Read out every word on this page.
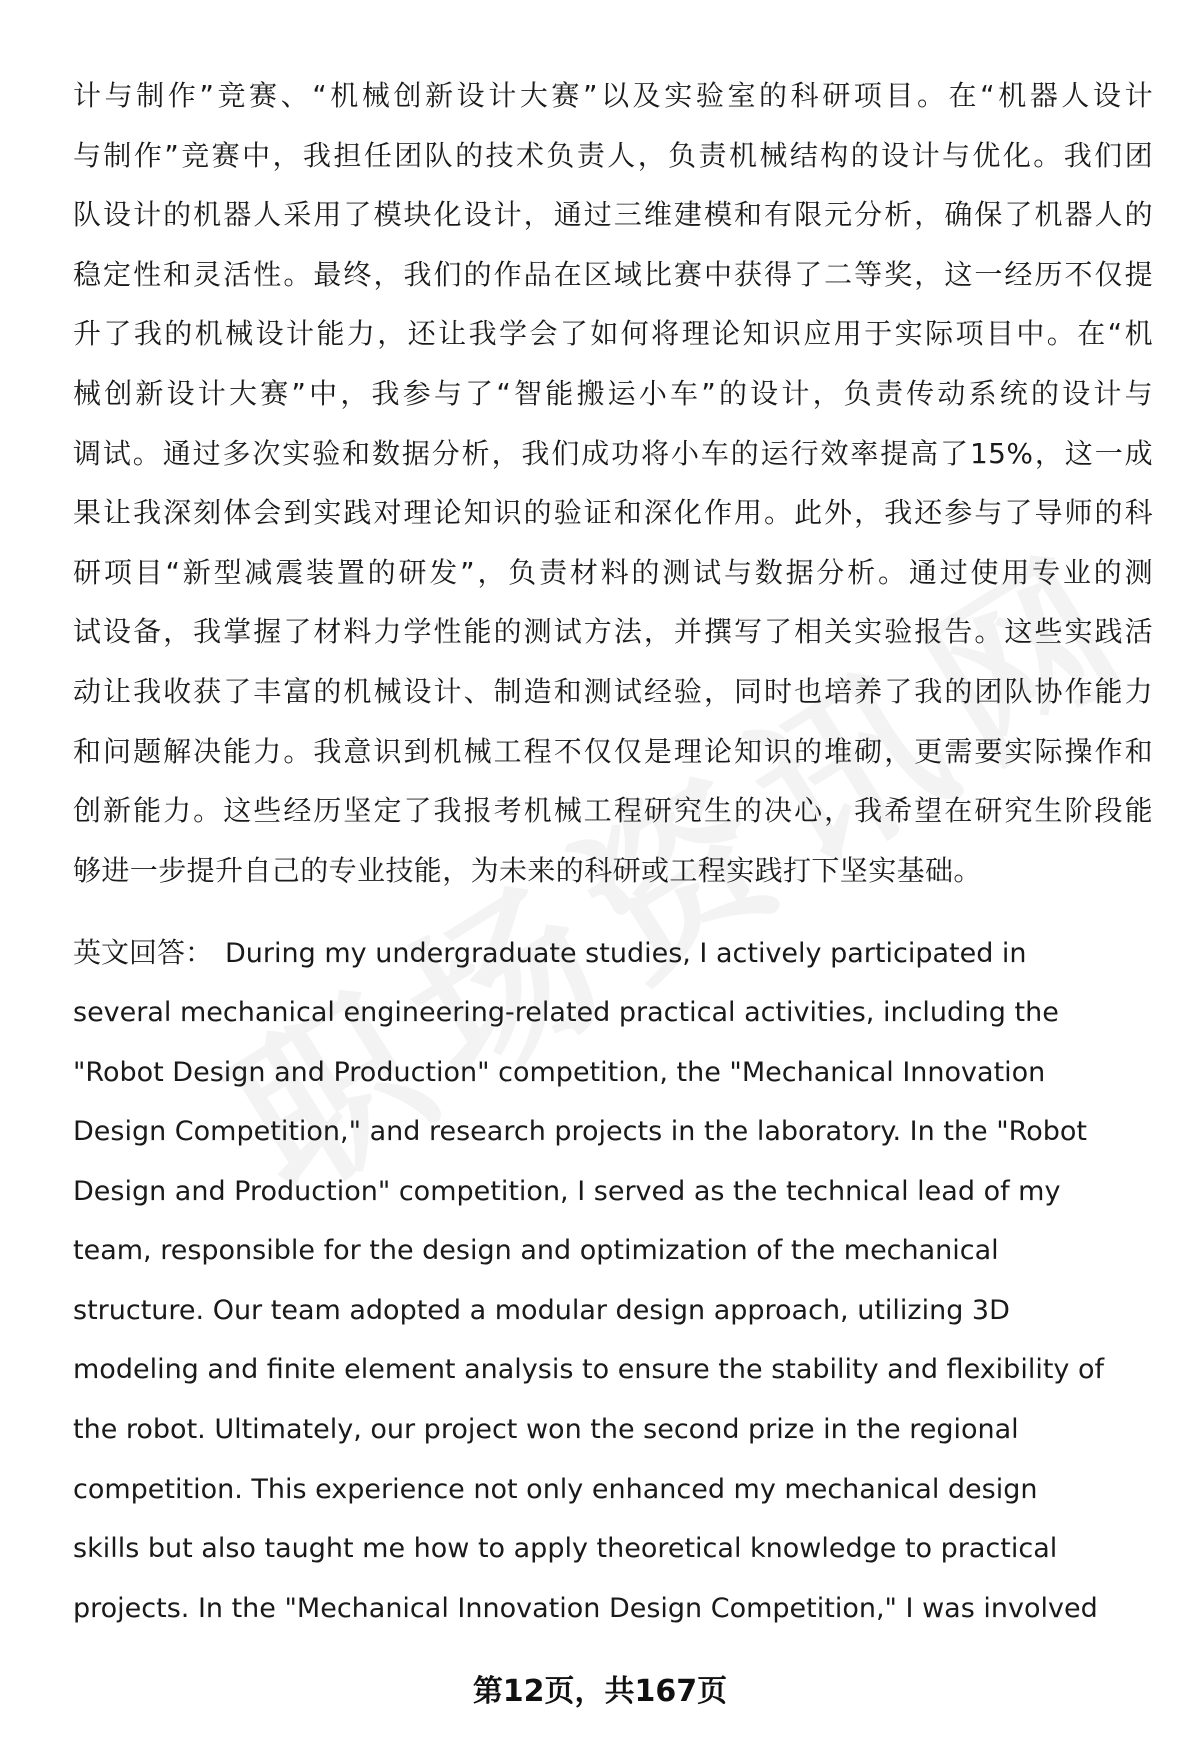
计与制作”竞赛、“机械创新设计大赛”以及实验室的科研项目。在“机器人设计
与制作”竞赛中，我担任团队的技术负责人，负责机械结构的设计与优化。我们团
队设计的机器人采用了模块化设计，通过三维建模和有限元分析，确保了机器人的
稳定性和灵活性。最终，我们的作品在区域比赛中获得了二等奖，这一经历不仅提
升了我的机械设计能力，还让我学会了如何将理论知识应用于实际项目中。在“机
械创新设计大赛”中，我参与了“智能搬运小车”的设计，负责传动系统的设计与
调试。通过多次实验和数据分析，我们成功将小车的运行效率提高了15%，这一成
果让我深刻体会到实践对理论知识的验证和深化作用。此外，我还参与了导师的科
研项目“新型减震装置的研发”，负责材料的测试与数据分析。通过使用专业的测
试设备，我掌握了材料力学性能的测试方法，并撰写了相关实验报告。这些实践活
动让我收获了丰富的机械设计、制造和测试经验，同时也培养了我的团队协作能力
和问题解决能力。我意识到机械工程不仅仅是理论知识的堆砌，更需要实际操作和
创新能力。这些经历坚定了我报考机械工程研究生的决心，我希望在研究生阶段能
够进一步提升自己的专业技能，为未来的科研或工程实践打下坚实基础。
英文回答： During my undergraduate studies, I actively participated in
several mechanical engineering-related practical activities, including the
"Robot Design and Production" competition, the "Mechanical Innovation
Design Competition," and research projects in the laboratory. In the "Robot
Design and Production" competition, I served as the technical lead of my
team, responsible for the design and optimization of the mechanical
structure. Our team adopted a modular design approach, utilizing 3D
modeling and finite element analysis to ensure the stability and flexibility of
the robot. Ultimately, our project won the second prize in the regional
competition. This experience not only enhanced my mechanical design
skills but also taught me how to apply theoretical knowledge to practical
projects. In the "Mechanical Innovation Design Competition," I was involved
第12页，共167页
